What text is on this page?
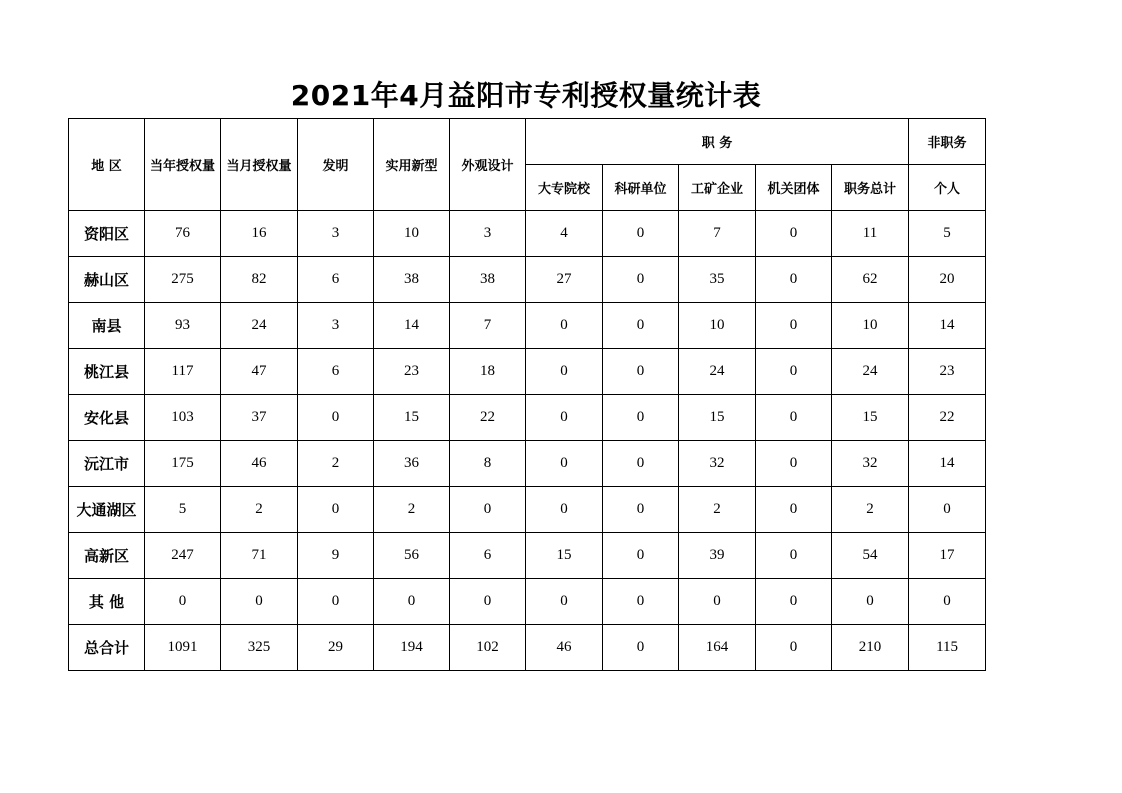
2021年4月益阳市专利授权量统计表
地 区	当年授权量	当月授权量	发明	实用新型	外观设计	职 务					非职务
						大专院校	科研单位	工矿企业	机关团体	职务总计	个人
资阳区	76	16	3	10	3	4	0	7	0	11	5
赫山区	275	82	6	38	38	27	0	35	0	62	20
南县	93	24	3	14	7	0	0	10	0	10	14
桃江县	117	47	6	23	18	0	0	24	0	24	23
安化县	103	37	0	15	22	0	0	15	0	15	22
沅江市	175	46	2	36	8	0	0	32	0	32	14
大通湖区	5	2	0	2	0	0	0	2	0	2	0
高新区	247	71	9	56	6	15	0	39	0	54	17
其 他	0	0	0	0	0	0	0	0	0	0	0
总合计	1091	325	29	194	102	46	0	164	0	210	115
